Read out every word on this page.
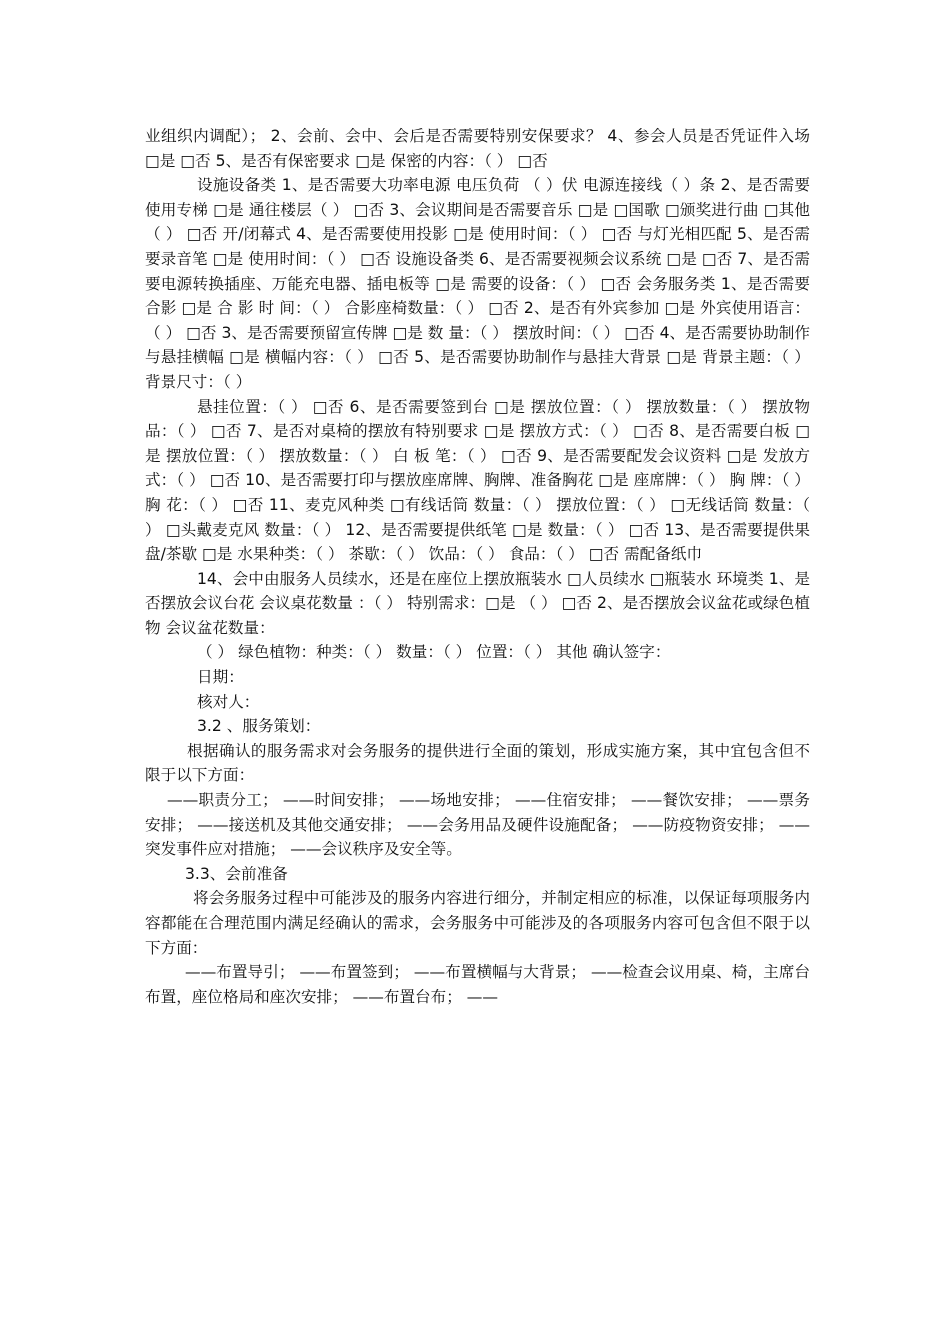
业组织内调配）； 2、会前、会中、会后是否需要特别安保要求？ 4、参会人员是否凭证件入场 □是 □否 5、是否有保密要求 □是 保密的内容：（ ） □否

设施设备类 1、是否需要大功率电源 电压负荷 （ ）伏 电源连接线（ ）条 2、是否需要使用专梯 □是 通往楼层（ ） □否 3、会议期间是否需要音乐 □是 □国歌 □颁奖进行曲 □其他（ ） □否 开/闭幕式 4、是否需要使用投影 □是 使用时间：（ ） □否 与灯光相匹配 5、是否需要录音笔 □是 使用时间：（ ） □否 设施设备类 6、是否需要视频会议系统 □是 □否 7、是否需要电源转换插座、万能充电器、插电板等 □是 需要的设备：（ ） □否 会务服务类 1、是否需要合影 □是 合 影 时 间：（ ） 合影座椅数量：（ ） □否 2、是否有外宾参加 □是 外宾使用语言：（ ） □否 3、是否需要预留宣传牌 □是 数 量：（ ） 摆放时间：（ ） □否 4、是否需要协助制作与悬挂横幅 □是 横幅内容：（ ） □否 5、是否需要协助制作与悬挂大背景 □是 背景主题：（ ） 背景尺寸：（ ）

悬挂位置：（ ） □否 6、是否需要签到台 □是 摆放位置：（ ） 摆放数量：（ ） 摆放物品：（ ） □否 7、是否对桌椅的摆放有特别要求 □是 摆放方式：（ ） □否 8、是否需要白板 □是 摆放位置：（ ） 摆放数量：（ ） 白 板 笔：（ ） □否 9、是否需要配发会议资料 □是 发放方式：（ ） □否 10、是否需要打印与摆放座席牌、胸牌、准备胸花 □是 座席牌：（ ） 胸 牌：（ ） 胸 花：（ ） □否 11、麦克风种类 □有线话筒 数量：（ ） 摆放位置：（ ） □无线话筒 数量：（ ） □头戴麦克风 数量：（ ） 12、是否需要提供纸笔 □是 数量：（ ） □否 13、是否需要提供果盘/茶歇 □是 水果种类：（ ） 茶歇：（ ） 饮品：（ ） 食品：（ ） □否 需配备纸巾

14、会中由服务人员续水，还是在座位上摆放瓶装水 □人员续水 □瓶装水 环境类 1、是否摆放会议台花 会议桌花数量 ：（ ） 特别需求：□是 （ ） □否 2、是否摆放会议盆花或绿色植物 会议盆花数量：

（ ） 绿色植物：种类：（ ） 数量：（ ） 位置：（ ） 其他 确认签字：

日期：

核对人：

3.2 、服务策划：

根据确认的服务需求对会务服务的提供进行全面的策划，形成实施方案，其中宜包含但不限于以下方面：

——职责分工； ——时间安排； ——场地安排； ——住宿安排； ——餐饮安排； ——票务安排； ——接送机及其他交通安排； ——会务用品及硬件设施配备； ——防疫物资安排； ——突发事件应对措施； ——会议秩序及安全等。

3.3、会前准备

将会务服务过程中可能涉及的服务内容进行细分，并制定相应的标准，以保证每项服务内容都能在合理范围内满足经确认的需求，会务服务中可能涉及的各项服务内容可包含但不限于以下方面：

——布置导引； ——布置签到； ——布置横幅与大背景； ——检查会议用桌、椅，主席台布置，座位格局和座次安排； ——布置台布； ——
